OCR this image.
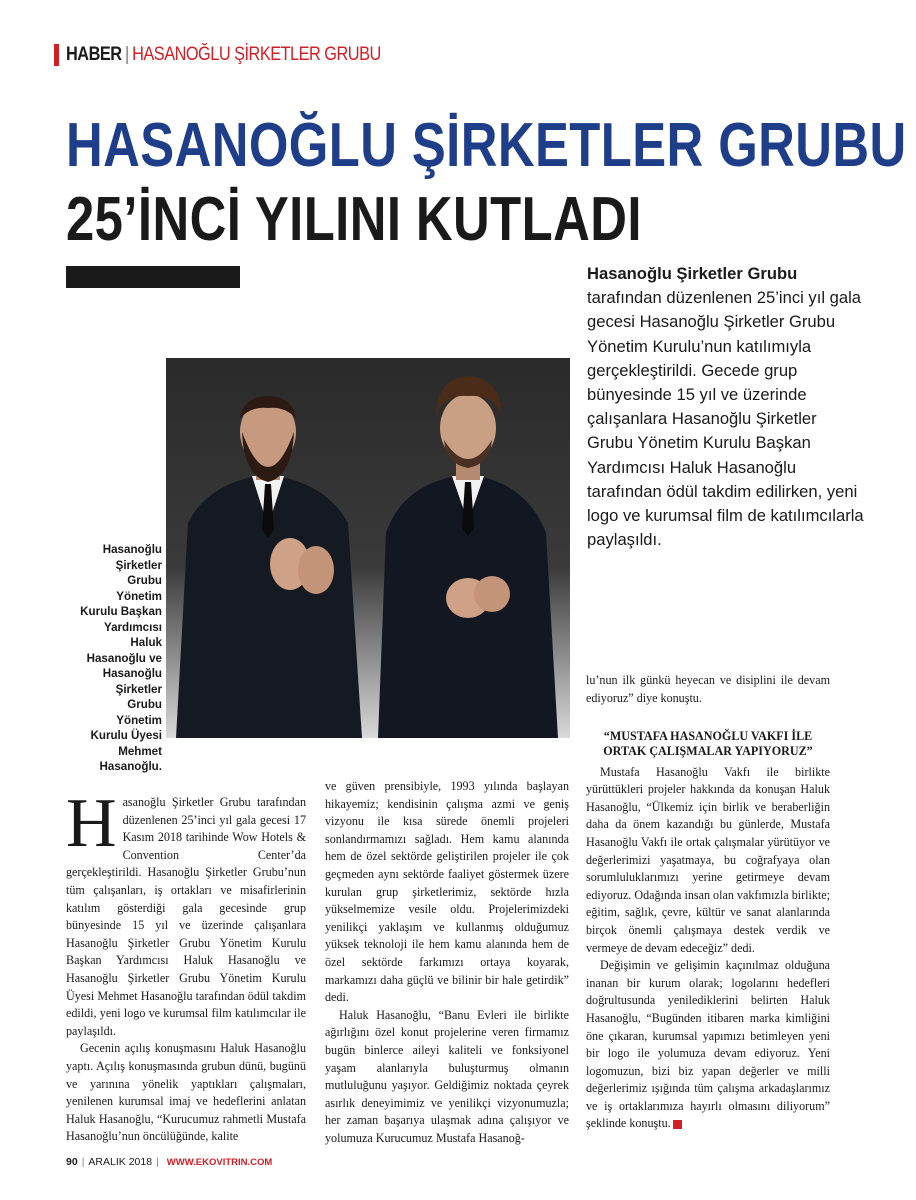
HABER | HASANOĞLU ŞİRKETLER GRUBU
HASANOĞLU ŞİRKETLER GRUBU
25’İNCİ YILINI KUTLADI
Hasanoğlu Şirketler Grubu tarafından düzenlenen 25’inci yıl gala gecesi Hasanoğlu Şirketler Grubu Yönetim Kurulu’nun katılımıyla gerçekleştirildi. Gecede grup bünyesinde 15 yıl ve üzerinde çalışanlara Hasanoğlu Şirketler Grubu Yönetim Kurulu Başkan Yardımcısı Haluk Hasanoğlu tarafından ödül takdim edilirken, yeni logo ve kurumsal film de katılımcılarla paylaşıldı.
Hasanoğlu Şirketler Grubu Yönetim Kurulu Başkan Yardımcısı Haluk Hasanoğlu ve Hasanoğlu Şirketler Grubu Yönetim Kurulu Üyesi Mehmet Hasanoğlu.

Hasanoğlu Şirketler Grubu tarafından düzenlenen 25’inci yıl gala gecesi 17 Kasım 2018 tarihinde Wow Hotels & Convention Center’da gerçekleştirildi. Hasanoğlu Şirketler Grubu’nun tüm çalışanları, iş ortakları ve misafirlerinin katılım gösterdiği gala gecesinde grup bünyesinde 15 yıl ve üzerinde çalışanlara Hasanoğlu Şirketler Grubu Yönetim Kurulu Başkan Yardımcısı Haluk Hasanoğlu ve Hasanoğlu Şirketler Grubu Yönetim Kurulu Üyesi Mehmet Hasanoğlu tarafından ödül takdim edildi, yeni logo ve kurumsal film katılımcılar ile paylaşıldı.

Gecenin açılış konuşmasını Haluk Hasanoğlu yaptı. Açılış konuşmasında grubun dünü, bugünü ve yarınına yönelik yaptıkları çalışmaları, yenilenen kurumsal imaj ve hedeflerini anlatan Haluk Hasanoğlu, “Kurucumuz rahmetli Mustafa Hasanoğlu’nun öncülüğünde, kalite

ve güven prensibiyle, 1993 yılında başlayan hikayemiz; kendisinin çalışma azmi ve geniş vizyonu ile kısa sürede önemli projeleri sonlandırmamızı sağladı. Hem kamu alanında hem de özel sektörde geliştirilen projeler ile çok geçmeden aynı sektörde faaliyet göstermek üzere kurulan grup şirketlerimiz, sektörde hızla yükselmemize vesile oldu. Projelerimizdeki yenilikçi yaklaşım ve kullanmış olduğumuz yüksek teknoloji ile hem kamu alanında hem de özel sektörde farkımızı ortaya koyarak, markamızı daha güçlü ve bilinir bir hale getirdik” dedi.

Haluk Hasanoğlu, “Banu Evleri ile birlikte ağırlığını özel konut projelerine veren firmamız bugün binlerce aileyi kaliteli ve fonksiyonel yaşam alanlarıyla buluşturmuş olmanın mutluluğunu yaşıyor. Geldiğimiz noktada çeyrek asırlık deneyimimiz ve yenilikçi vizyonumuzla; her zaman başarıya ulaşmak adına çalışıyor ve yolumuza Kurucumuz Mustafa Hasanoğ-

lu’nun ilk günkü heyecan ve disiplini ile devam ediyoruz” diye konuştu.

“MUSTAFA HASANOĞLU VAKFI İLE ORTAK ÇALIŞMALAR YAPIYORUZ”

Mustafa Hasanoğlu Vakfı ile birlikte yürüttükleri projeler hakkında da konuşan Haluk Hasanoğlu, “Ülkemiz için birlik ve beraberliğin daha da önem kazandığı bu günlerde, Mustafa Hasanoğlu Vakfı ile ortak çalışmalar yürütüyor ve değerlerimizi yaşatmaya, bu coğrafyaya olan sorumluluklarımızı yerine getirmeye devam ediyoruz. Odağında insan olan vakfımızla birlikte; eğitim, sağlık, çevre, kültür ve sanat alanlarında birçok önemli çalışmaya destek verdik ve vermeye de devam edeceğiz” dedi.

Değişimin ve gelişimin kaçınılmaz olduğuna inanan bir kurum olarak; logolarını hedefleri doğrultusunda yenilediklerini belirten Haluk Hasanoğlu, “Bugünden itibaren marka kimliğini öne çıkaran, kurumsal yapımızı betimleyen yeni bir logo ile yolumuza devam ediyoruz. Yeni logomuzun, bizi biz yapan değerler ve milli değerlerimiz ışığında tüm çalışma arkadaşlarımız ve iş ortaklarımıza hayırlı olmasını diliyorum” şeklinde konuştu. E

90 | ARALIK 2018 | WWW.EKOVITRIN.COM
